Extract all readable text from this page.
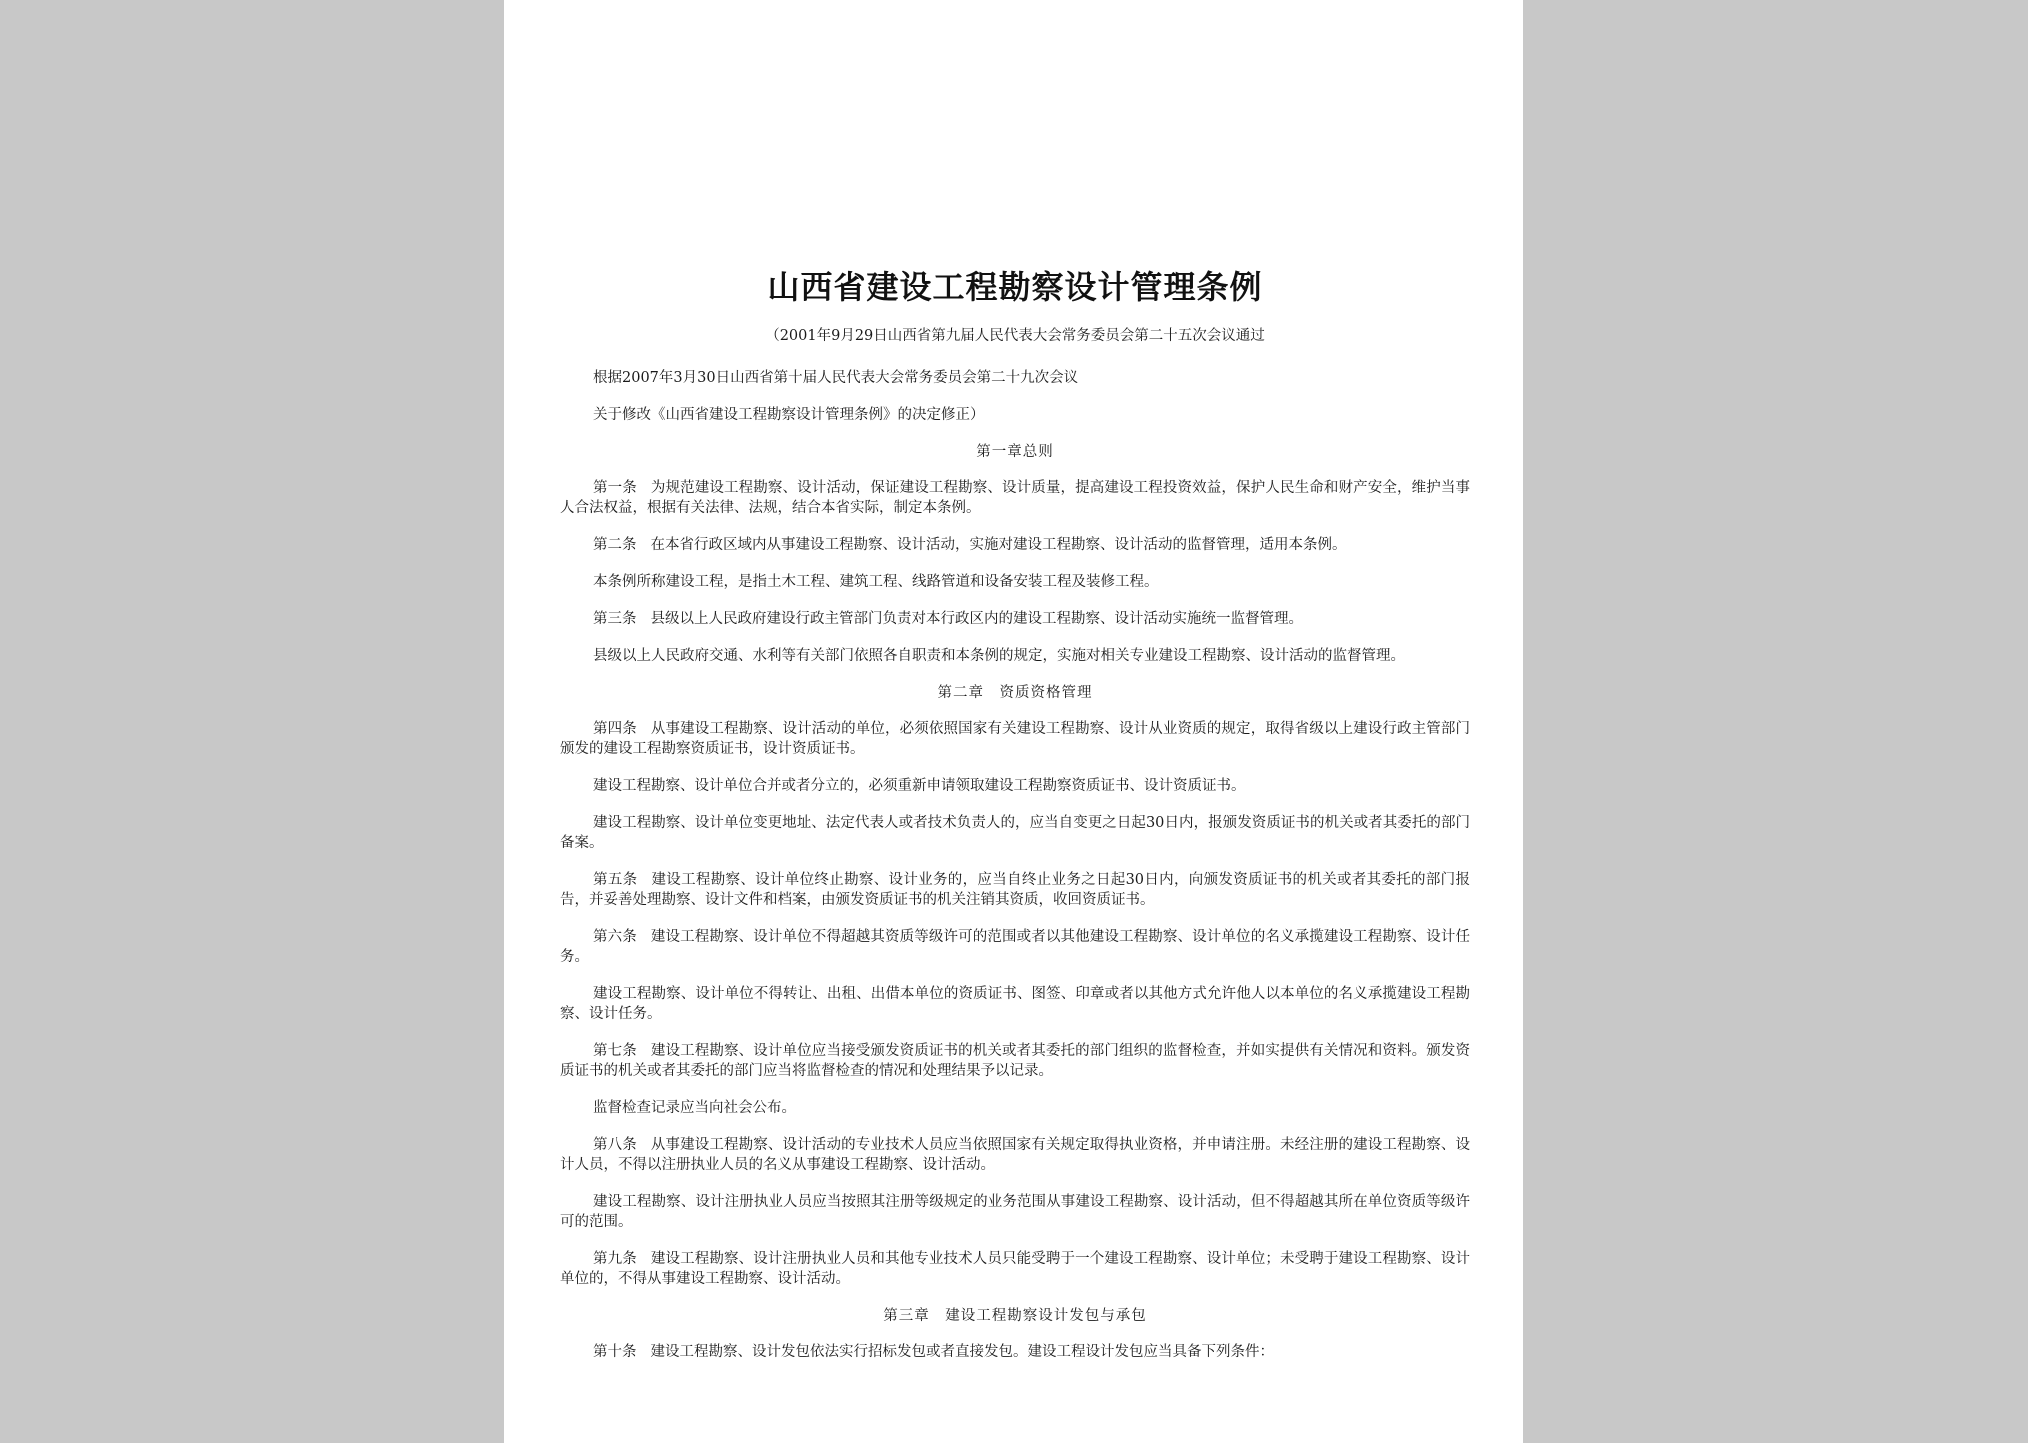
山西省建设工程勘察设计管理条例
（2001年9月29日山西省第九届人民代表大会常务委员会第二十五次会议通过
根据2007年3月30日山西省第十届人民代表大会常务委员会第二十九次会议
关于修改《山西省建设工程勘察设计管理条例》的决定修正）
第一章总则
第一条 为规范建设工程勘察、设计活动，保证建设工程勘察、设计质量，提高建设工程投资效益，保护人民生命和财产安全，维护当事人合法权益，根据有关法律、法规，结合本省实际，制定本条例。
第二条 在本省行政区域内从事建设工程勘察、设计活动，实施对建设工程勘察、设计活动的监督管理，适用本条例。
本条例所称建设工程，是指土木工程、建筑工程、线路管道和设备安装工程及装修工程。
第三条 县级以上人民政府建设行政主管部门负责对本行政区内的建设工程勘察、设计活动实施统一监督管理。
县级以上人民政府交通、水利等有关部门依照各自职责和本条例的规定，实施对相关专业建设工程勘察、设计活动的监督管理。
第二章　资质资格管理
第四条 从事建设工程勘察、设计活动的单位，必须依照国家有关建设工程勘察、设计从业资质的规定，取得省级以上建设行政主管部门颁发的建设工程勘察资质证书，设计资质证书。
建设工程勘察、设计单位合并或者分立的，必须重新申请领取建设工程勘察资质证书、设计资质证书。
建设工程勘察、设计单位变更地址、法定代表人或者技术负责人的，应当自变更之日起30日内，报颁发资质证书的机关或者其委托的部门备案。
第五条 建设工程勘察、设计单位终止勘察、设计业务的，应当自终止业务之日起30日内，向颁发资质证书的机关或者其委托的部门报告，并妥善处理勘察、设计文件和档案，由颁发资质证书的机关注销其资质，收回资质证书。
第六条 建设工程勘察、设计单位不得超越其资质等级许可的范围或者以其他建设工程勘察、设计单位的名义承揽建设工程勘察、设计任务。
建设工程勘察、设计单位不得转让、出租、出借本单位的资质证书、图签、印章或者以其他方式允许他人以本单位的名义承揽建设工程勘察、设计任务。
第七条 建设工程勘察、设计单位应当接受颁发资质证书的机关或者其委托的部门组织的监督检查，并如实提供有关情况和资料。颁发资质证书的机关或者其委托的部门应当将监督检查的情况和处理结果予以记录。
监督检查记录应当向社会公布。
第八条 从事建设工程勘察、设计活动的专业技术人员应当依照国家有关规定取得执业资格，并申请注册。未经注册的建设工程勘察、设计人员，不得以注册执业人员的名义从事建设工程勘察、设计活动。
建设工程勘察、设计注册执业人员应当按照其注册等级规定的业务范围从事建设工程勘察、设计活动，但不得超越其所在单位资质等级许可的范围。
第九条 建设工程勘察、设计注册执业人员和其他专业技术人员只能受聘于一个建设工程勘察、设计单位；未受聘于建设工程勘察、设计单位的，不得从事建设工程勘察、设计活动。
第三章　建设工程勘察设计发包与承包
第十条 建设工程勘察、设计发包依法实行招标发包或者直接发包。建设工程设计发包应当具备下列条件：
